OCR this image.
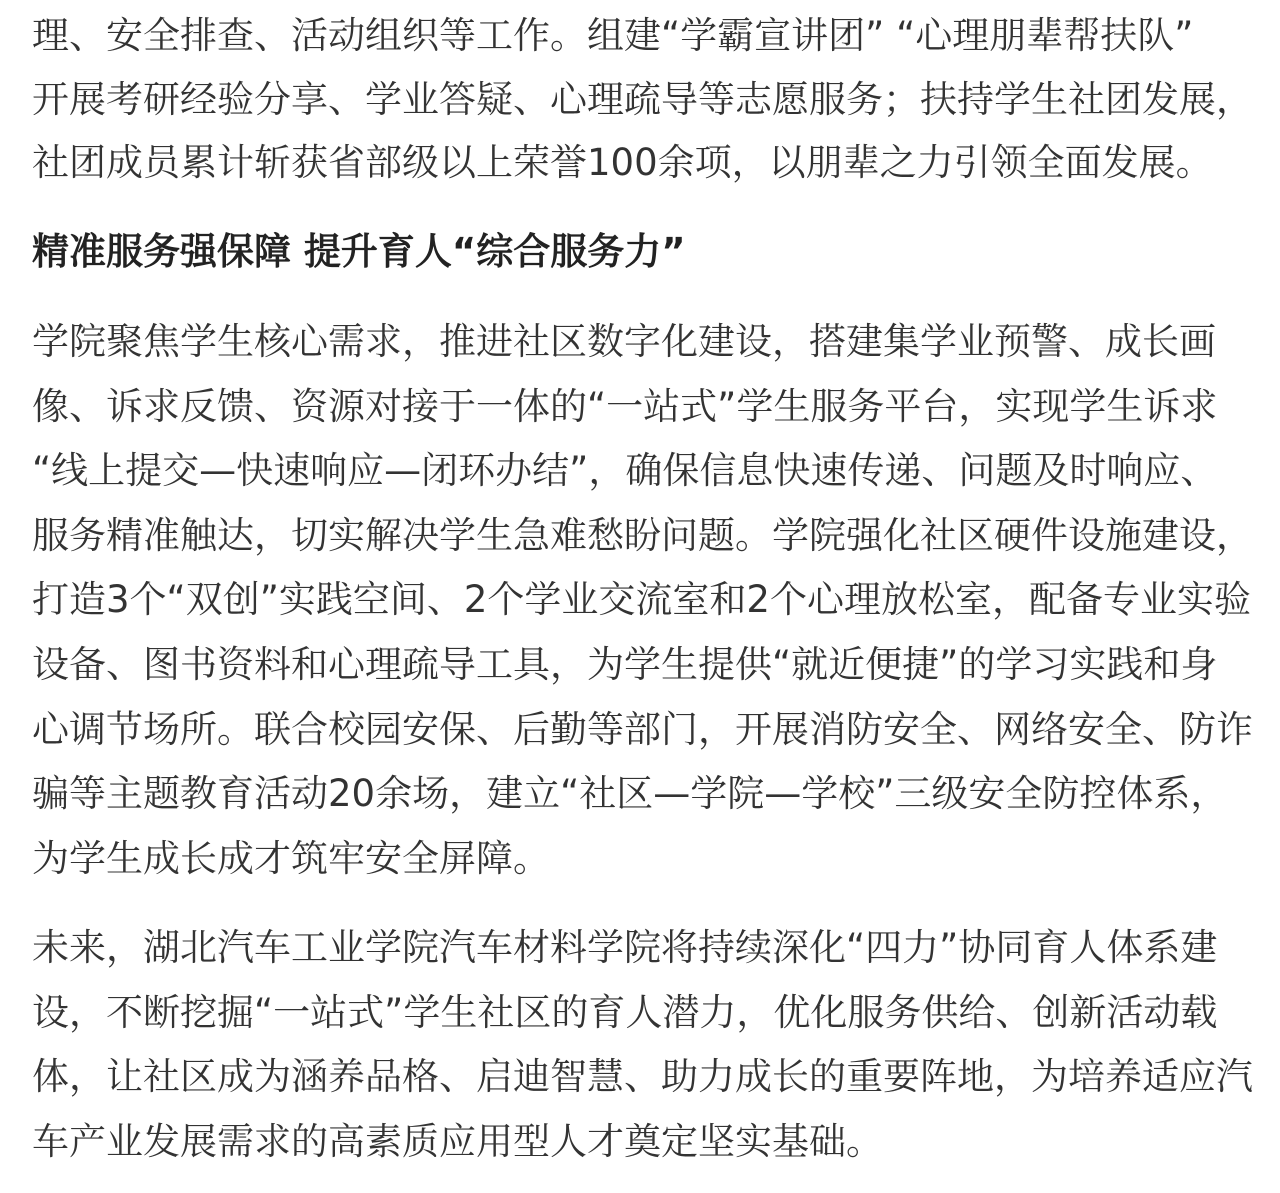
理、安全排查、活动组织等工作。组建“学霸宣讲团” “心理朋辈帮扶队”
开展考研经验分享、学业答疑、心理疏导等志愿服务；扶持学生社团发展，
社团成员累计斩获省部级以上荣誉100余项，以朋辈之力引领全面发展。
精准服务强保障 提升育人“综合服务力”
学院聚焦学生核心需求，推进社区数字化建设，搭建集学业预警、成长画
像、诉求反馈、资源对接于一体的“一站式”学生服务平台，实现学生诉求
“线上提交—快速响应—闭环办结”，确保信息快速传递、问题及时响应、
服务精准触达，切实解决学生急难愁盼问题。学院强化社区硬件设施建设，
打造3个“双创”实践空间、2个学业交流室和2个心理放松室，配备专业实验
设备、图书资料和心理疏导工具，为学生提供“就近便捷”的学习实践和身
心调节场所。联合校园安保、后勤等部门，开展消防安全、网络安全、防诈
骗等主题教育活动20余场，建立“社区—学院—学校”三级安全防控体系，
为学生成长成才筑牢安全屏障。
未来，湖北汽车工业学院汽车材料学院将持续深化“四力”协同育人体系建
设，不断挖掘“一站式”学生社区的育人潜力，优化服务供给、创新活动载
体，让社区成为涵养品格、启迪智慧、助力成长的重要阵地，为培养适应汽
车产业发展需求的高素质应用型人才奠定坚实基础。
